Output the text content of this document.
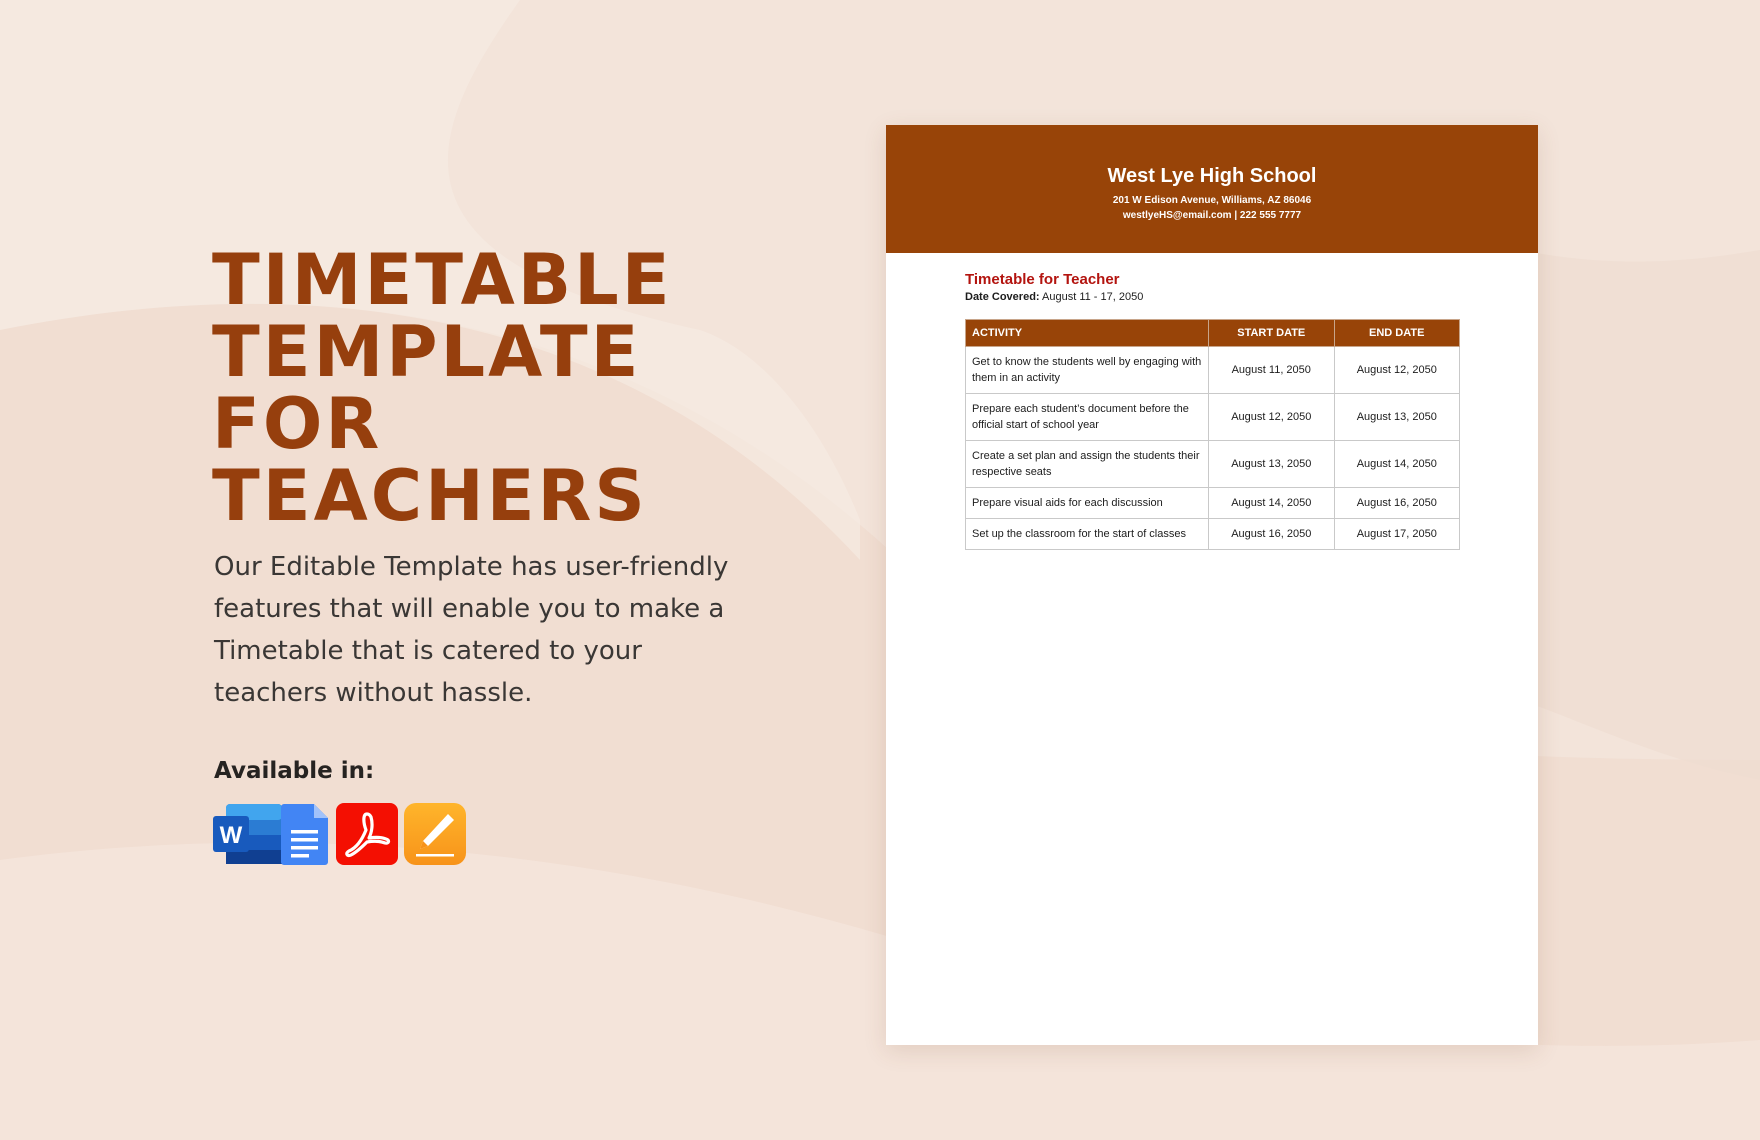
TIMETABLE
TEMPLATE
FOR
TEACHERS

Our Editable Template has user-friendly features that will enable you to make a Timetable that is catered to your teachers without hassle.

Available in:

W

West Lye High School

201 W Edison Avenue, Williams, AZ 86046

westlyeHS@email.com | 222 555 7777

Timetable for Teacher

Date Covered: August 11 - 17, 2050

ACTIVITY	START DATE	END DATE
Get to know the students well by engaging with them in an activity	August 11, 2050	August 12, 2050
Prepare each student’s document before the official start of school year	August 12, 2050	August 13, 2050
Create a set plan and assign the students their respective seats	August 13, 2050	August 14, 2050
Prepare visual aids for each discussion	August 14, 2050	August 16, 2050
Set up the classroom for the start of classes	August 16, 2050	August 17, 2050
